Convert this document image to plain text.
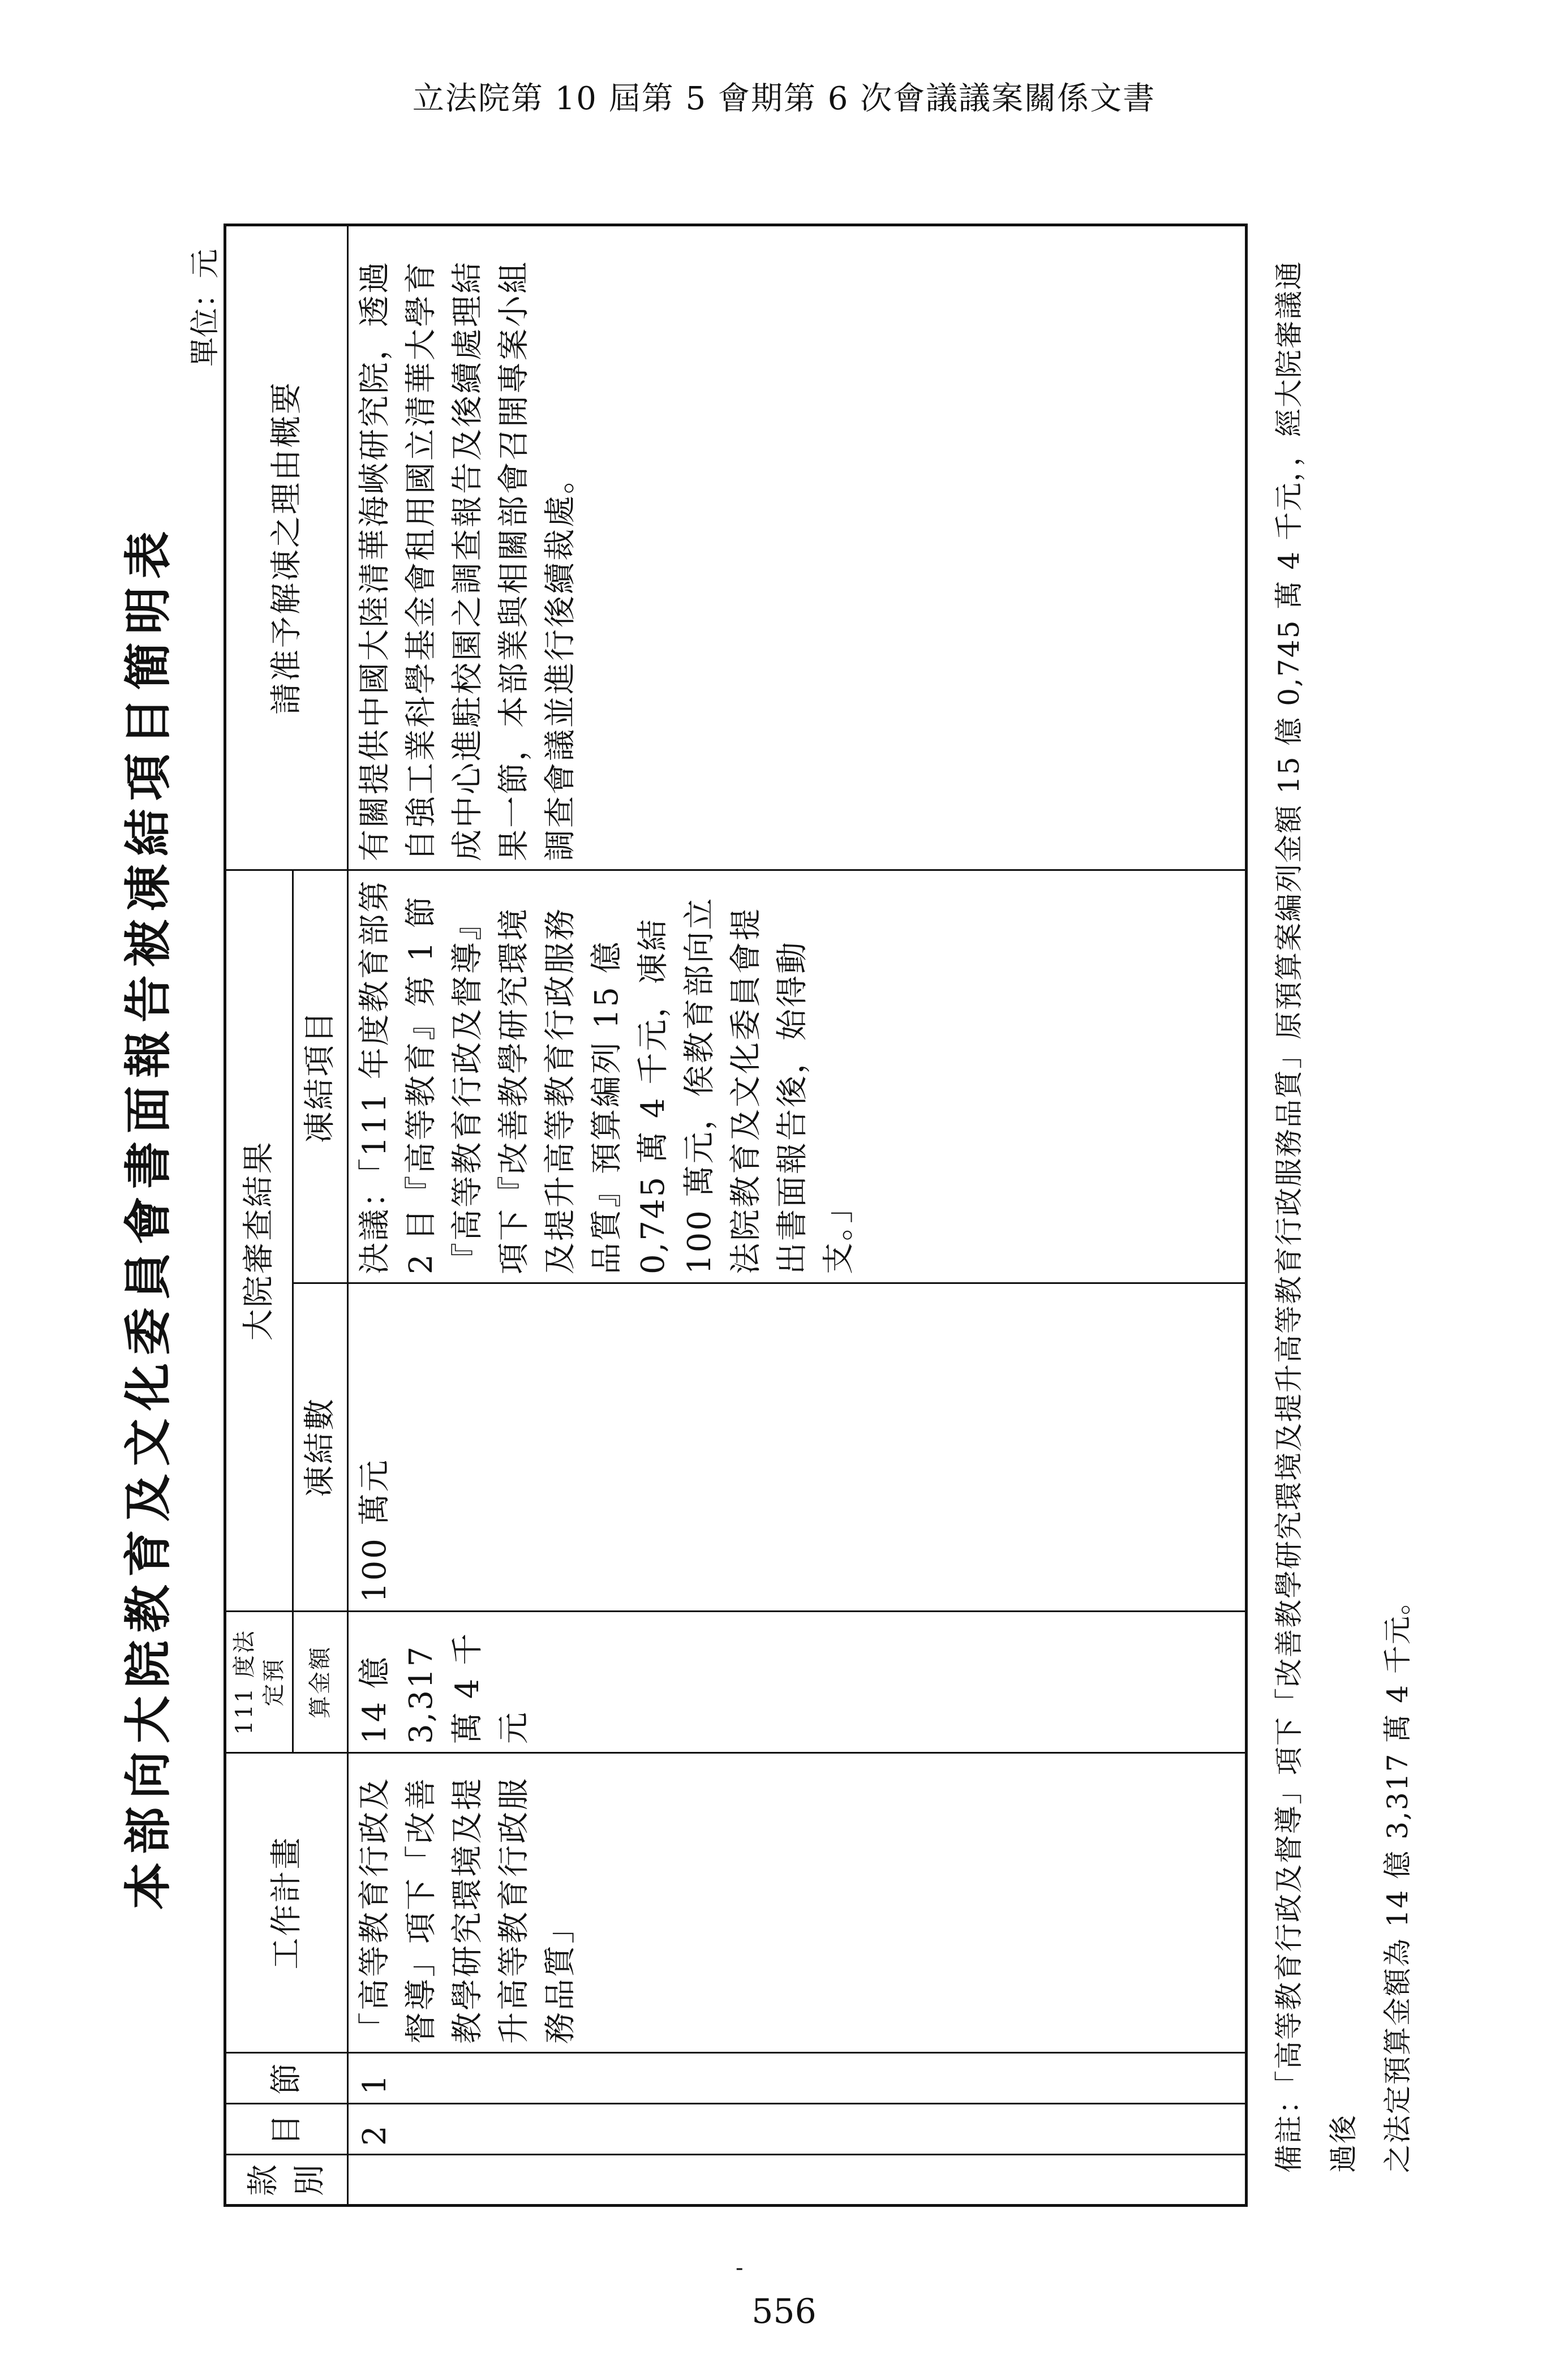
立法院第 10 屆第 5 會期第 6 次會議議案關係文書
本部向大院教育及文化委員會書面報告被凍結項目簡明表
單位：元
款別	目	節	工作計畫	111 度法定預	大院審查結果		請准予解凍之理由概要
				算金額	凍結數	凍結項目	
	2	1	「高等教育行政及督導」項下「改善教學研究環境及提升高等教育行政服務品質」	14 億 3,317 萬 4 千元	100 萬元	決議：「111 年度教育部第 2 目『高等教育』第 1 節『高等教育行政及督導』項下『改善教學研究環境及提升高等教育行政服務品質』預算編列 15 億 0,745 萬 4 千元，凍結 100 萬元，俟教育部向立法院教育及文化委員會提出書面報告後，始得動支。」	有關提供中國大陸清華海峽研究院，透過自強工業科學基金會租用國立清華大學育成中心進駐校園之調查報告及後續處理結果一節，本部業與相關部會召開專案小組調查會議並進行後續裁處。	備註：「高等教育行政及督導」項下「改善教學研究環境及提升高等教育行政服務品質」原預算案編列金額 15 億 0,745 萬 4 千元，，經大院審議通過後 之法定預算金額為 14 億 3,317 萬 4 千元。
-
556
